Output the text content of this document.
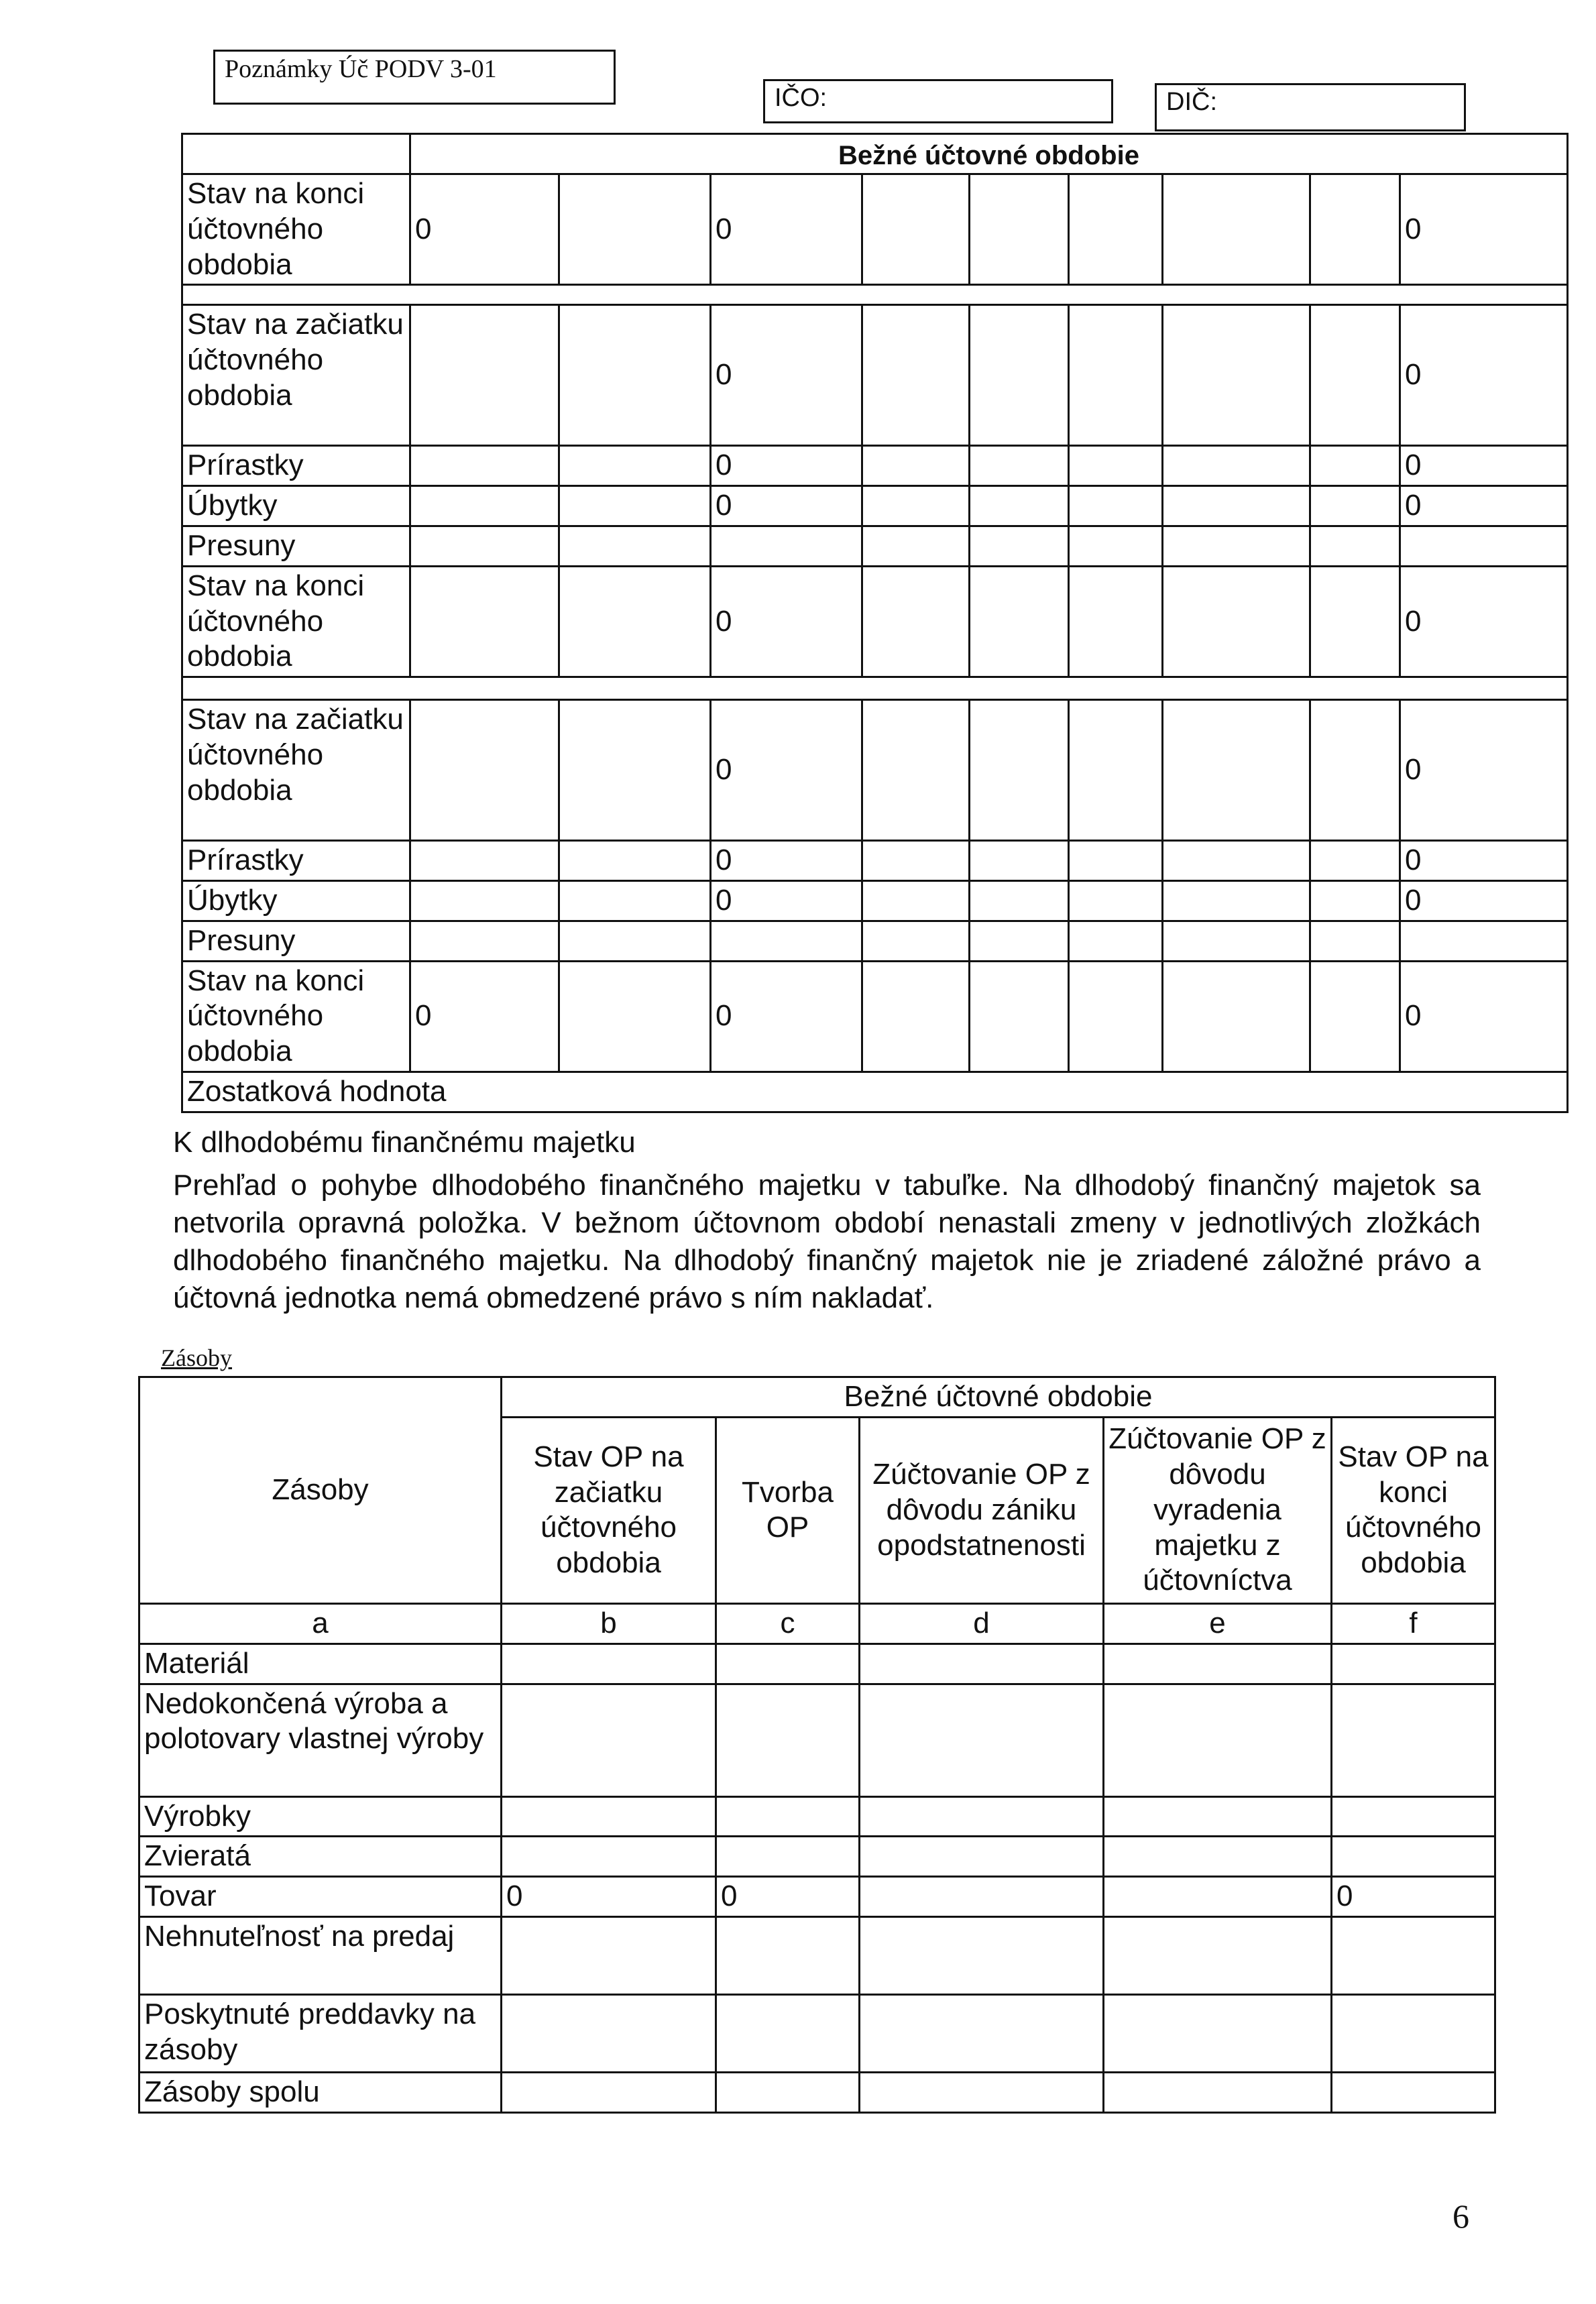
Poznámky Úč PODV 3-01
IČO:	DIČ:
	Bežné účtovné obdobie								
Stav na konci účtovného obdobia	0		0						0

Stav na začiatku účtovného obdobia			0						0
Prírastky			0						0
Úbytky			0						0
Presuny									
Stav na konci účtovného obdobia			0						0

Stav na začiatku účtovného obdobia			0						0
Prírastky			0						0
Úbytky			0						0
Presuny									
Stav na konci účtovného obdobia	0		0						0
Zostatková hodnota									
K dlhodobému finančnému majetku
Prehľad o pohybe dlhodobého finančného majetku v tabuľke. Na dlhodobý finančný majetok sa netvorila opravná položka. V bežnom účtovnom období nenastali zmeny v jednotlivých zložkách dlhodobého finančného majetku. Na dlhodobý finančný majetok nie je zriadené záložné právo a účtovná jednotka nemá obmedzené právo s ním nakladať.
Zásoby
Zásoby	Bežné účtovné obdobie				
	Stav OP na začiatku účtovného obdobia	Tvorba OP	Zúčtovanie OP z dôvodu zániku opodstatnenosti	Zúčtovanie OP z dôvodu vyradenia majetku z účtovníctva	Stav OP na konci účtovného obdobia
a	b	c	d	e	f
Materiál					
Nedokončená výroba a polotovary vlastnej výroby					
Výrobky					
Zvieratá					
Tovar	0	0			0
Nehnuteľnosť na predaj					
Poskytnuté preddavky na zásoby					
Zásoby spolu					
6
